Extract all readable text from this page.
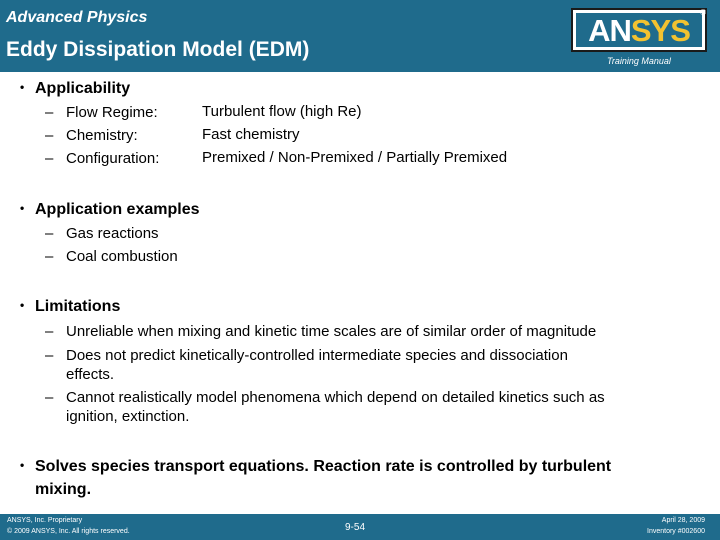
Advanced Physics
Eddy Dissipation Model (EDM)
ANSYS ®
Training Manual
• Applicability
– Flow Regime:	Turbulent flow (high Re)
– Chemistry:	Fast chemistry
– Configuration:	Premixed / Non-Premixed / Partially Premixed
• Application examples
– Gas reactions
– Coal combustion
• Limitations
– Unreliable when mixing and kinetic time scales are of similar order of magnitude
– Does not predict kinetically-controlled intermediate species and dissociation
effects.
– Cannot realistically model phenomena which depend on detailed kinetics such as
ignition, extinction.
• Solves species transport equations. Reaction rate is controlled by turbulent
mixing.
ANSYS, Inc. Proprietary
© 2009 ANSYS, Inc. All rights reserved.	9-54
April 28, 2009
Inventory #002600
